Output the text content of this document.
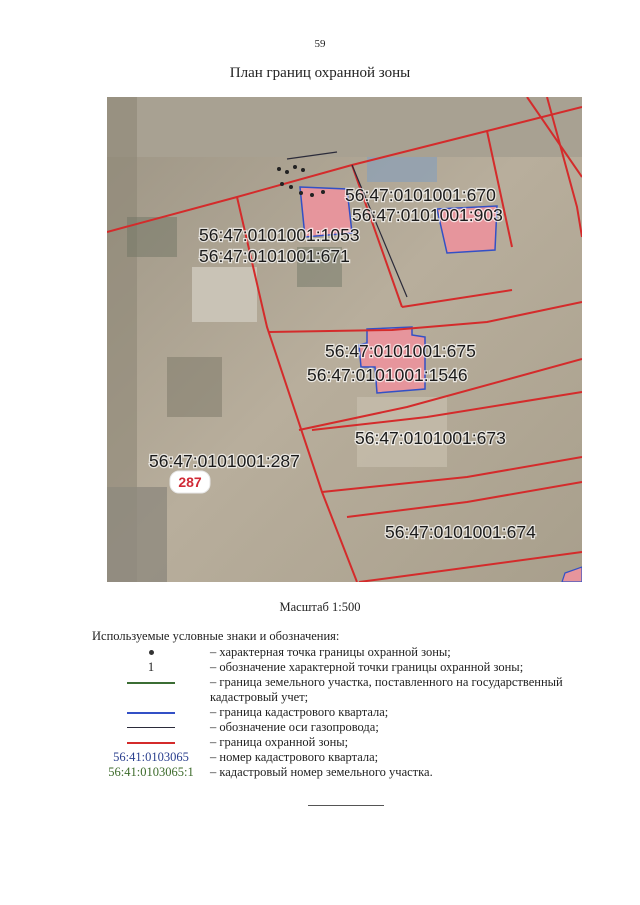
59
План границ охранной зоны
56:47:0101001:670
56:47:0101001:903
56:47:0101001:1053
56:47:0101001:671
56:47:0101001:675
56:47:0101001:1546
56:47:0101001:673
56:47:0101001:287
56:47:0101001:674
287
Масштаб 1:500
Используемые условные знаки и обозначения:
– характерная точка границы охранной зоны;
1	– обозначение характерной точки границы охранной зоны;
– граница земельного участка, поставленного на государственный кадастровый учет;
– граница кадастрового квартала;
– обозначение оси газопровода;
– граница охранной зоны;
56:41:0103065	– номер кадастрового квартала;
56:41:0103065:1	– кадастровый номер земельного участка.
